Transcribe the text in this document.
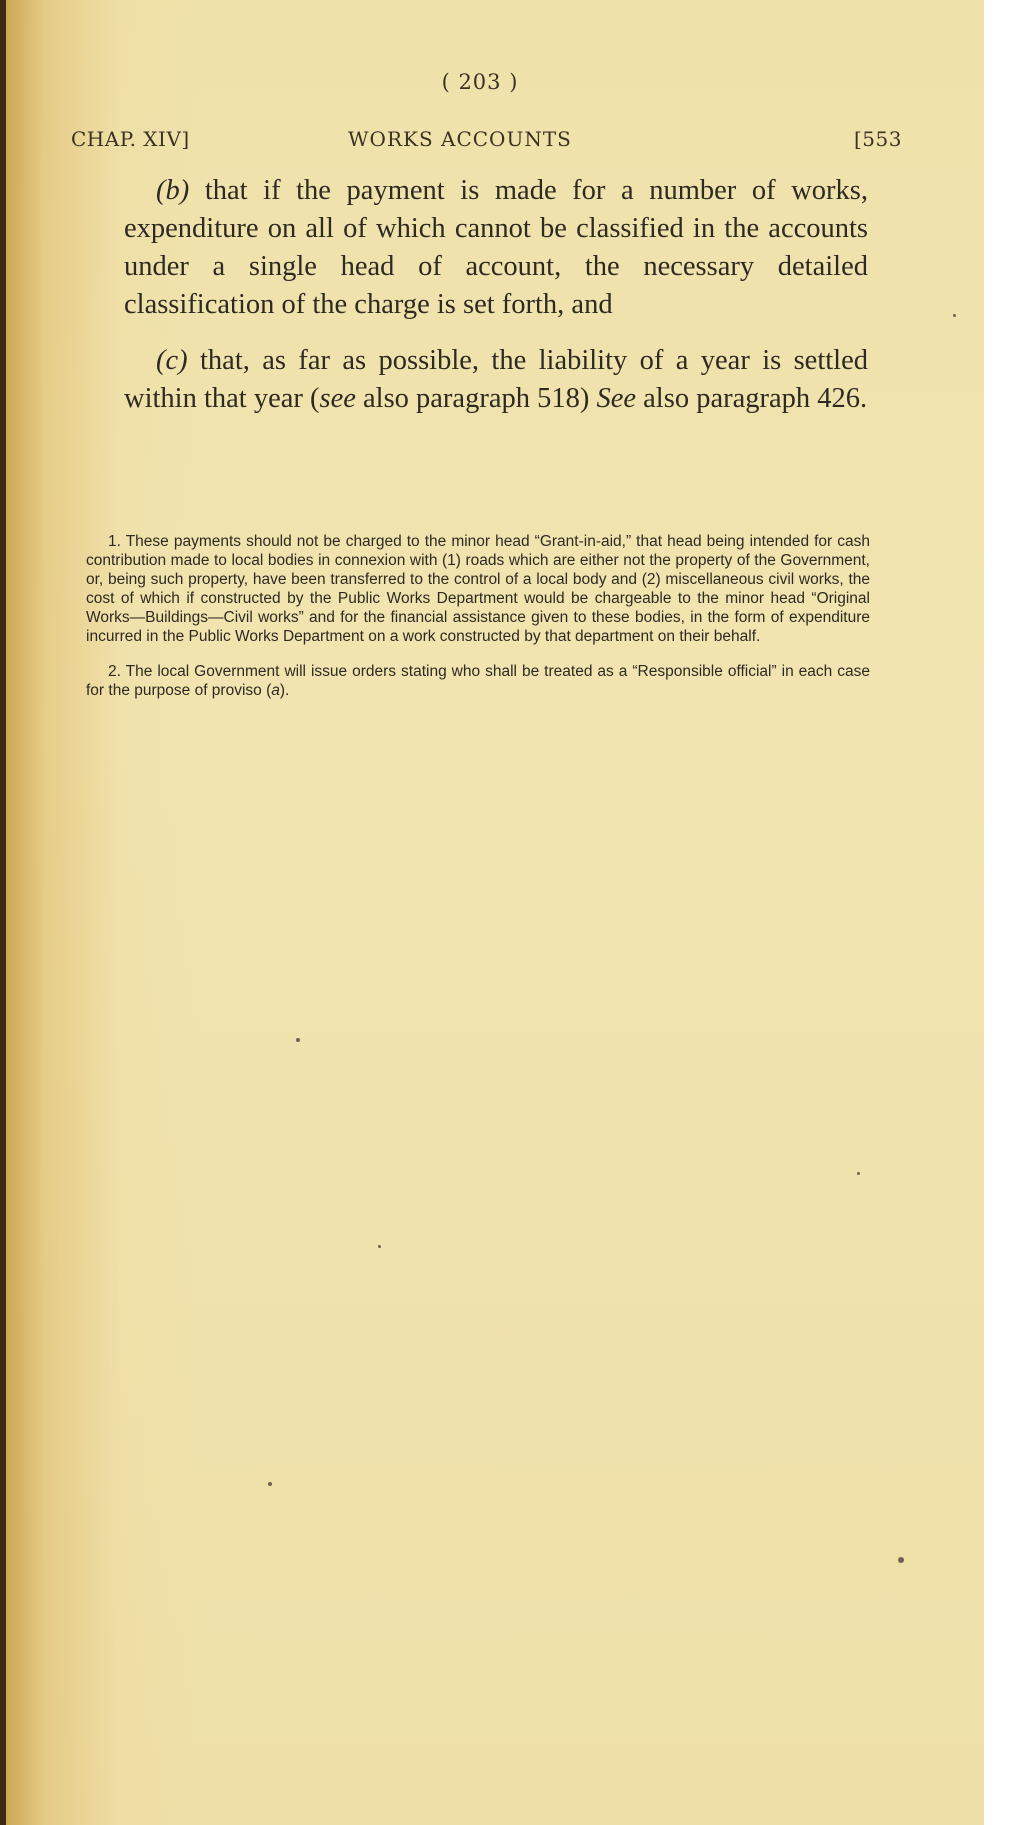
( 203 )
CHAP. XIV]	WORKS ACCOUNTS	[553

(b) that if the payment is made for a number of works, expenditure on all of which cannot be classified in the accounts under a single head of account, the necessary detailed classification of the charge is set forth, and

(c) that, as far as possible, the liability of a year is settled within that year (see also paragraph 518) See also paragraph 426.

1. These payments should not be charged to the minor head “Grant-in-aid,” that head being intended for cash contribution made to local bodies in connexion with (1) roads which are either not the property of the Government, or, being such property, have been transferred to the control of a local body and (2) miscellaneous civil works, the cost of which if constructed by the Public Works Department would be chargeable to the minor head “Original Works—Buildings—Civil works” and for the financial assistance given to these bodies, in the form of expenditure incurred in the Public Works Department on a work constructed by that department on their behalf.

2. The local Government will issue orders stating who shall be treated as a “Responsible official” in each case for the purpose of proviso (a).
